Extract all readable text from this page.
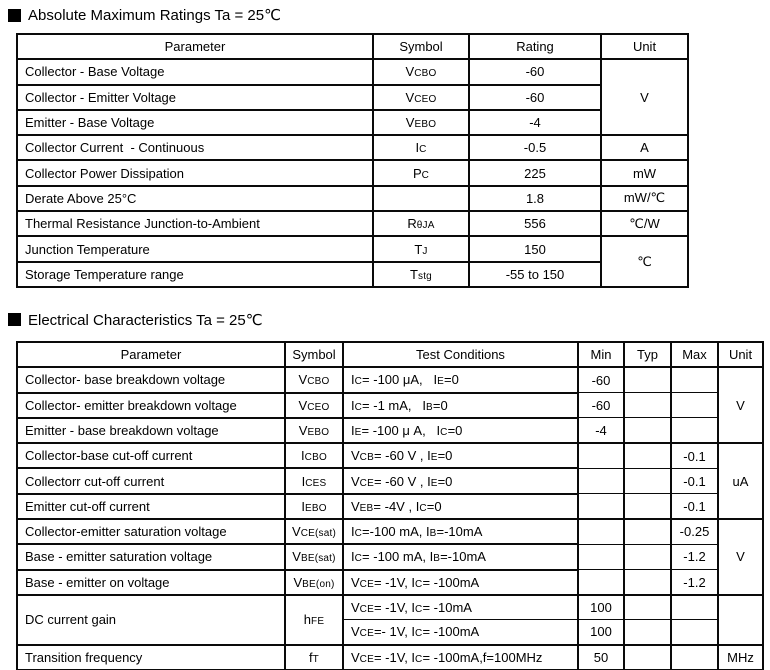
Absolute Maximum Ratings Ta = 25℃
Parameter	Symbol	Rating	Unit
Collector - Base Voltage	VCBO	-60	V
Collector - Emitter Voltage	VCEO	-60	
Emitter - Base Voltage	VEBO	-4	
Collector Current  - Continuous	IC	-0.5	A
Collector Power Dissipation	PC	225	mW
Derate Above 25°C		1.8	mW/℃
Thermal Resistance Junction-to-Ambient	RθJA	556	℃/W
Junction Temperature	TJ	150	℃
Storage Temperature range	Tstg	-55 to 150	
Electrical Characteristics Ta = 25℃
Parameter	Symbol	Test Conditions	Min	Typ	Max	Unit
Collector- base breakdown voltage	VCBO	IC= -100 μA,   IE=0	-60			V
Collector- emitter breakdown voltage	VCEO	IC= -1 mA,   IB=0	-60			
Emitter - base breakdown voltage	VEBO	IE= -100 μ A,   IC=0	-4			
Collector-base cut-off current	ICBO	VCB= -60 V , IE=0			-0.1	uA
Collectorr cut-off current	ICES	VCE= -60 V , IE=0			-0.1	
Emitter cut-off current	IEBO	VEB= -4V , IC=0			-0.1	
Collector-emitter saturation voltage	VCE(sat)	IC=-100 mA, IB=-10mA			-0.25	V
Base - emitter saturation voltage	VBE(sat)	IC= -100 mA, IB=-10mA			-1.2	
Base - emitter on voltage	VBE(on)	VCE= -1V, IC= -100mA			-1.2	
DC current gain	hFE	VCE= -1V, IC= -10mA	100			
		VCE=- 1V, IC= -100mA	100			
Transition frequency	fT	VCE= -1V, IC= -100mA,f=100MHz	50			MHz
